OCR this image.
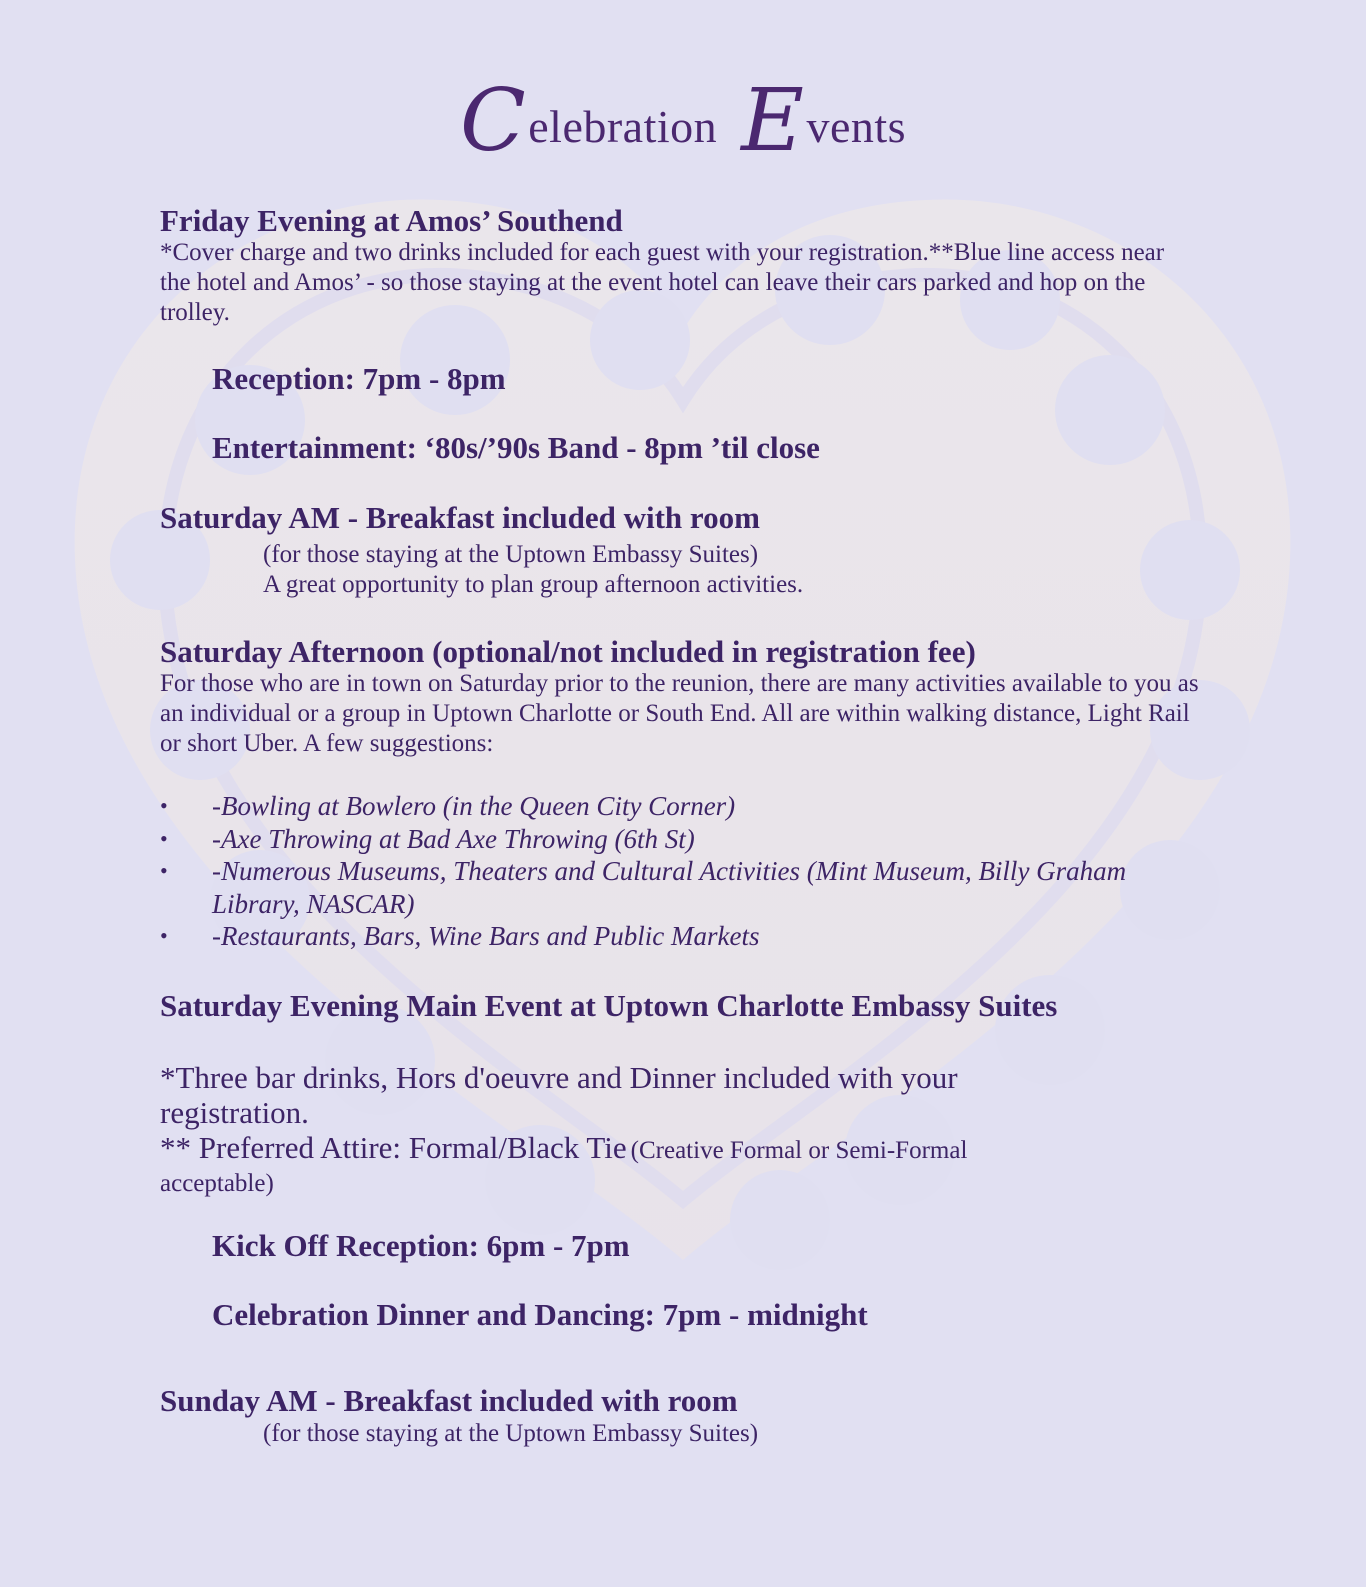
Celebration Events
Friday Evening at Amos’ Southend
*Cover charge and two drinks included for each guest with your registration.**Blue line access near the hotel and Amos’ - so those staying at the event hotel can leave their cars parked and hop on the trolley.
Reception: 7pm - 8pm
Entertainment: ‘80s/’90s Band - 8pm ’til close
Saturday AM - Breakfast included with room
(for those staying at the Uptown Embassy Suites)
A great opportunity to plan group afternoon activities.
Saturday Afternoon (optional/not included in registration fee)
For those who are in town on Saturday prior to the reunion, there are many activities available to you as an individual or a group in Uptown Charlotte or South End. All are within walking distance, Light Rail or short Uber. A few suggestions:
• -Bowling at Bowlero (in the Queen City Corner)
• -Axe Throwing at Bad Axe Throwing (6th St)
• -Numerous Museums, Theaters and Cultural Activities (Mint Museum, Billy Graham Library, NASCAR)
• -Restaurants, Bars, Wine Bars and Public Markets
Saturday Evening Main Event at Uptown Charlotte Embassy Suites
*Three bar drinks, Hors d'oeuvre and Dinner included with your registration.
** Preferred Attire: Formal/Black Tie (Creative Formal or Semi-Formal acceptable)
Kick Off Reception: 6pm - 7pm
Celebration Dinner and Dancing: 7pm - midnight
Sunday AM - Breakfast included with room
(for those staying at the Uptown Embassy Suites)
